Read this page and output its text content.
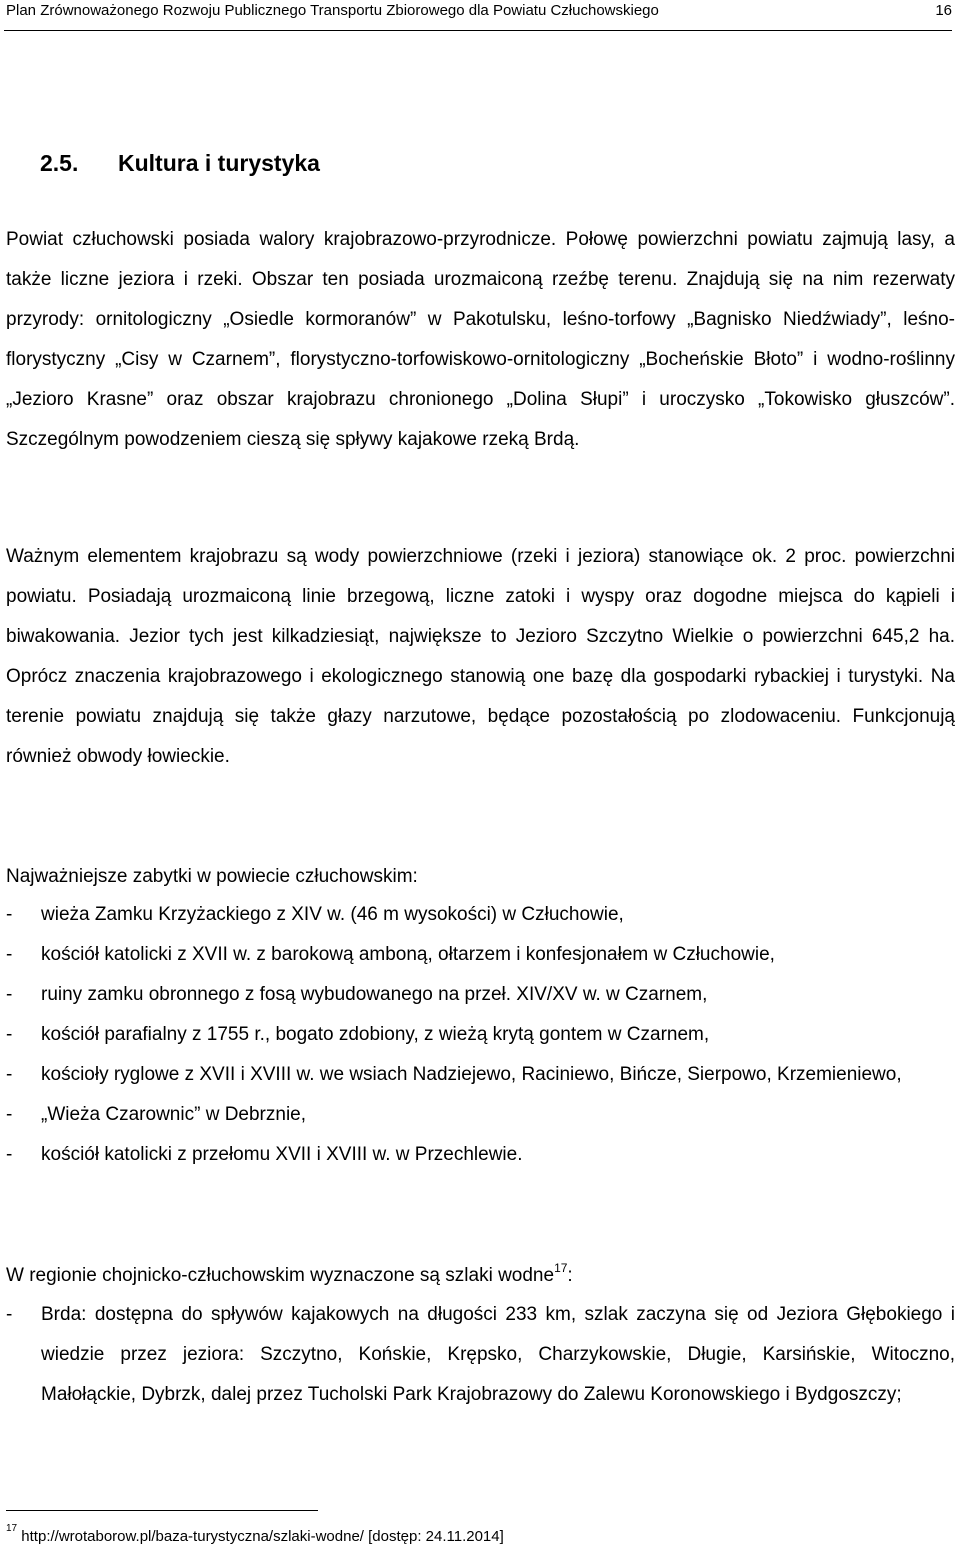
Plan Zrównoważonego Rozwoju Publicznego Transportu Zbiorowego dla Powiatu Człuchowskiego	16
2.5. Kultura i turystyka

Powiat człuchowski posiada walory krajobrazowo-przyrodnicze. Połowę powierzchni powiatu zajmują lasy, a także liczne jeziora i rzeki. Obszar ten posiada urozmaiconą rzeźbę terenu. Znajdują się na nim rezerwaty przyrody: ornitologiczny „Osiedle kormoranów” w Pakotulsku, leśno-torfowy „Bagnisko Niedźwiady”, leśno-florystyczny „Cisy w Czarnem”, florystyczno-torfowiskowo-ornitologiczny „Bocheńskie Błoto” i wodno-roślinny „Jezioro Krasne” oraz obszar krajobrazu chronionego „Dolina Słupi” i uroczysko „Tokowisko głuszców”. Szczególnym powodzeniem cieszą się spływy kajakowe rzeką Brdą.

Ważnym elementem krajobrazu są wody powierzchniowe (rzeki i jeziora) stanowiące ok. 2 proc. powierzchni powiatu. Posiadają urozmaiconą linie brzegową, liczne zatoki i wyspy oraz dogodne miejsca do kąpieli i biwakowania. Jezior tych jest kilkadziesiąt, największe to Jezioro Szczytno Wielkie o powierzchni 645,2 ha. Oprócz znaczenia krajobrazowego i ekologicznego stanowią one bazę dla gospodarki rybackiej i turystyki. Na terenie powiatu znajdują się także głazy narzutowe, będące pozostałością po zlodowaceniu. Funkcjonują również obwody łowieckie.

Najważniejsze zabytki w powiecie człuchowskim:

- wieża Zamku Krzyżackiego z XIV w. (46 m wysokości) w Człuchowie,
- kościół katolicki z XVII w. z barokową amboną, ołtarzem i konfesjonałem w Człuchowie,
- ruiny zamku obronnego z fosą wybudowanego na przeł. XIV/XV w. w Czarnem,
- kościół parafialny z 1755 r., bogato zdobiony, z wieżą krytą gontem w Czarnem,
- kościoły ryglowe z XVII i XVIII w. we wsiach Nadziejewo, Raciniewo, Bińcze, Sierpowo, Krzemieniewo,
- „Wieża Czarownic” w Debrznie,
- kościół katolicki z przełomu XVII i XVIII w. w Przechlewie.

W regionie chojnicko-człuchowskim wyznaczone są szlaki wodne$^{17}$:

- Brda: dostępna do spływów kajakowych na długości 233 km, szlak zaczyna się od Jeziora Głębokiego i wiedzie przez jeziora: Szczytno, Końskie, Krępsko, Charzykowskie, Długie, Karsińskie, Witoczno, Małołąckie, Dybrzk, dalej przez Tucholski Park Krajobrazowy do Zalewu Koronowskiego i Bydgoszczy;
$^{17}$ http://wrotaborow.pl/baza-turystyczna/szlaki-wodne/ [dostęp: 24.11.2014]
